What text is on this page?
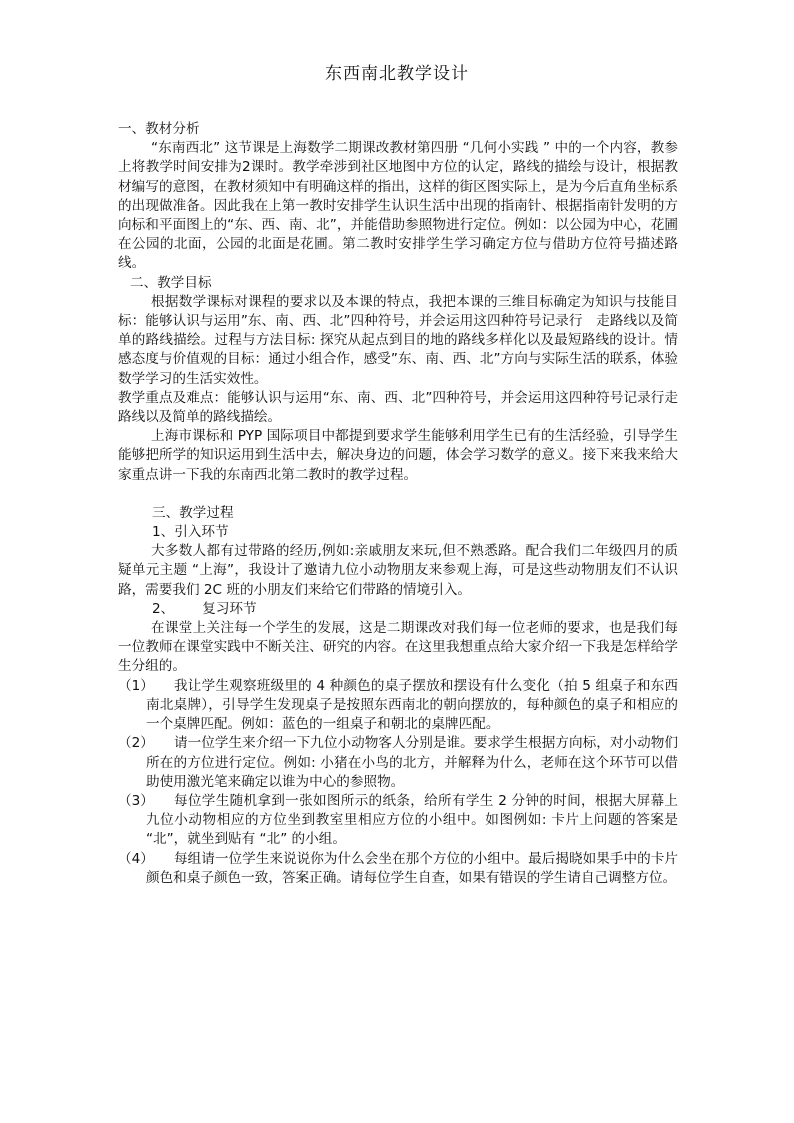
东西南北教学设计

一、教材分析

“东南西北” 这节课是上海数学二期课改教材第四册 “几何小实践 ” 中的一个内容，教参上将教学时间安排为2课时。教学牵涉到社区地图中方位的认定，路线的描绘与设计，根据教材编写的意图，在教材须知中有明确这样的指出，这样的街区图实际上，是为今后直角坐标系的出现做准备。因此我在上第一教时安排学生认识生活中出现的指南针、根据指南针发明的方向标和平面图上的“东、西、南、北”，并能借助参照物进行定位。例如：以公园为中心，花圃在公园的北面，公园的北面是花圃。第二教时安排学生学习确定方位与借助方位符号描述路线。

二、教学目标

根据数学课标对课程的要求以及本课的特点，我把本课的三维目标确定为知识与技能目标：能够认识与运用”东、南、西、北”四种符号，并会运用这四种符号记录行　走路线以及简单的路线描绘。过程与方法目标: 探究从起点到目的地的路线多样化以及最短路线的设计。情感态度与价值观的目标：通过小组合作，感受”东、南、西、北”方向与实际生活的联系，体验数学学习的生活实效性。

教学重点及难点：能够认识与运用“东、南、西、北”四种符号，并会运用这四种符号记录行走路线以及简单的路线描绘。

上海市课标和 PYP 国际项目中都提到要求学生能够利用学生已有的生活经验，引导学生能够把所学的知识运用到生活中去，解决身边的问题，体会学习数学的意义。接下来我来给大家重点讲一下我的东南西北第二教时的教学过程。

三、教学过程

1、引入环节

大多数人都有过带路的经历,例如:亲戚朋友来玩,但不熟悉路。配合我们二年级四月的质疑单元主题 “上海”，我设计了邀请九位小动物朋友来参观上海，可是这些动物朋友们不认识路，需要我们 2C 班的小朋友们来给它们带路的情境引入。

2、 复习环节

在课堂上关注每一个学生的发展，这是二期课改对我们每一位老师的要求，也是我们每一位教师在课堂实践中不断关注、研究的内容。在这里我想重点给大家介绍一下我是怎样给学生分组的。

（1） 我让学生观察班级里的 4 种颜色的桌子摆放和摆设有什么变化（拍 5 组桌子和东西南北桌牌），引导学生发现桌子是按照东西南北的朝向摆放的，每种颜色的桌子和相应的一个桌牌匹配。例如：蓝色的一组桌子和朝北的桌牌匹配。
（2） 请一位学生来介绍一下九位小动物客人分别是谁。要求学生根据方向标，对小动物们所在的方位进行定位。例如: 小猪在小鸟的北方，并解释为什么，老师在这个环节可以借助使用激光笔来确定以谁为中心的参照物。
（3） 每位学生随机拿到一张如图所示的纸条，给所有学生 2 分钟的时间，根据大屏幕上九位小动物相应的方位坐到教室里相应方位的小组中。如图例如: 卡片上问题的答案是 “北”，就坐到贴有 “北” 的小组。
（4） 每组请一位学生来说说你为什么会坐在那个方位的小组中。最后揭晓如果手中的卡片颜色和桌子颜色一致，答案正确。请每位学生自查，如果有错误的学生请自己调整方位。
